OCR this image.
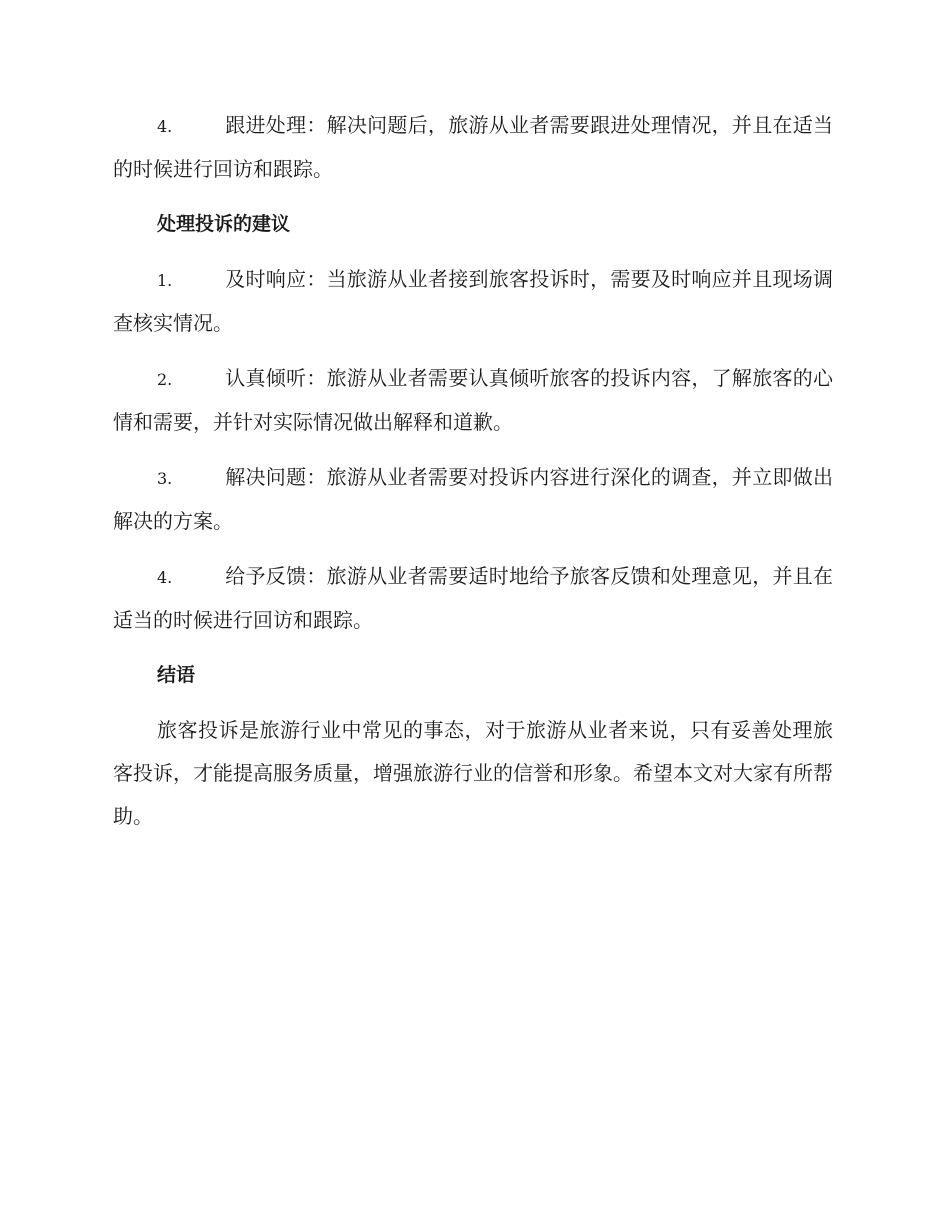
4.	跟进处理：解决问题后，旅游从业者需要跟进处理情况，并且在适当的时候进行回访和跟踪。

处理投诉的建议

1.	及时响应：当旅游从业者接到旅客投诉时，需要及时响应并且现场调查核实情况。

2.	认真倾听：旅游从业者需要认真倾听旅客的投诉内容，了解旅客的心情和需要，并针对实际情况做出解释和道歉。

3.	解决问题：旅游从业者需要对投诉内容进行深化的调查，并立即做出解决的方案。

4.	给予反馈：旅游从业者需要适时地给予旅客反馈和处理意见，并且在适当的时候进行回访和跟踪。

结语

旅客投诉是旅游行业中常见的事态，对于旅游从业者来说，只有妥善处理旅客投诉，才能提高服务质量，增强旅游行业的信誉和形象。希望本文对大家有所帮助。
